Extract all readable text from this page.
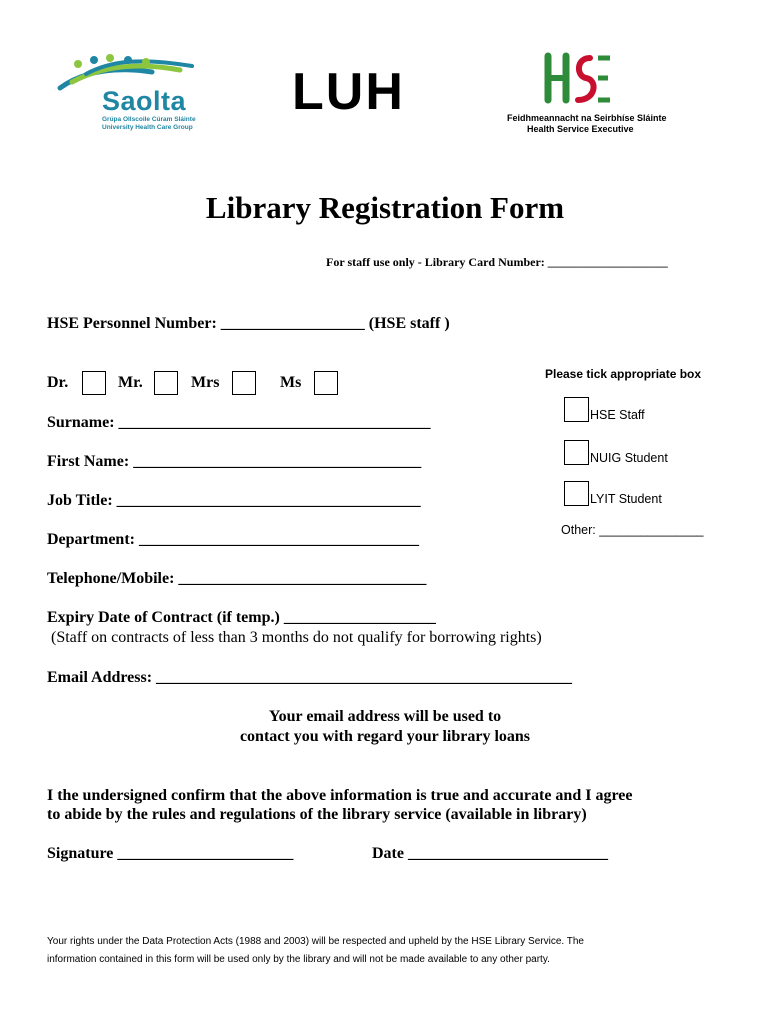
Saolta
Grúpa Ollscoile Cúram Sláinte
University Health Care Group
LUH	Feidhmeannacht na Seirbhíse Sláinte
Health Service Executive
Library Registration Form
For staff use only - Library Card Number: ____________________
HSE Personnel Number: __________________ (HSE staff )
Dr.	Mr.	Mrs	Ms	Please tick appropriate box
HSE Staff
NUIG Student
LYIT Student
Other: _______________
Surname: _______________________________________
First Name: ____________________________________
Job Title: ______________________________________
Department: ___________________________________
Telephone/Mobile: _______________________________
Expiry Date of Contract (if temp.) ___________________
(Staff on contracts of less than 3 months do not qualify for borrowing rights)
Email Address: ____________________________________________________
Your email address will be used to
contact you with regard your library loans
I the undersigned confirm that the above information is true and accurate and I agree
to abide by the rules and regulations of the library service (available in library)
Signature ______________________	Date _________________________
Your rights under the Data Protection Acts (1988 and 2003) will be respected and upheld by the HSE Library Service. The
information contained in this form will be used only by the library and will not be made available to any other party.
